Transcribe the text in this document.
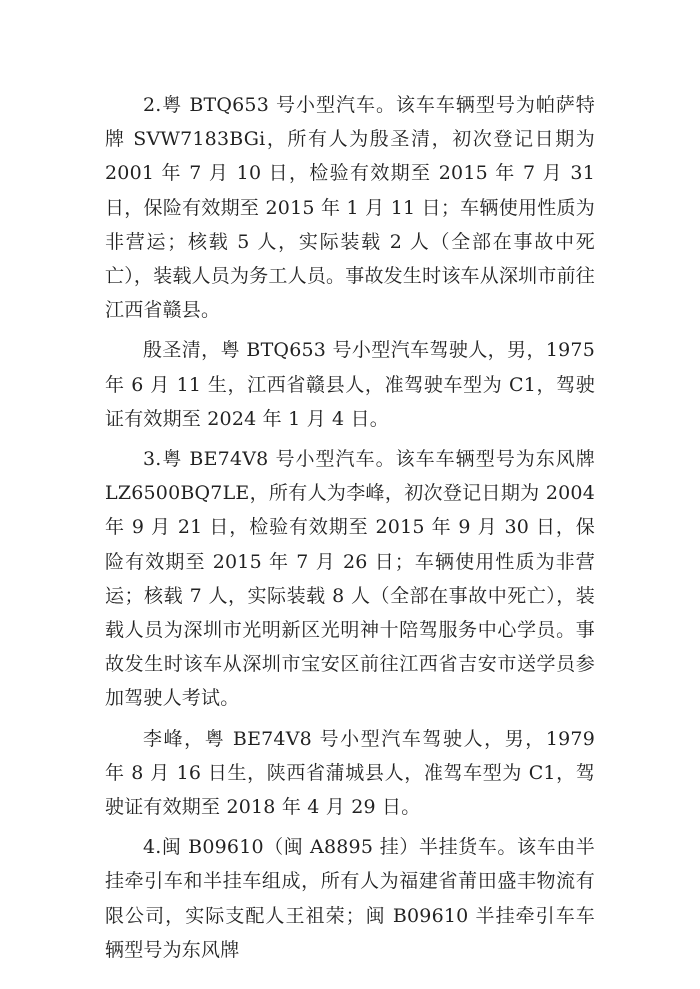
2.粤 BTQ653 号小型汽车。该车车辆型号为帕萨特牌 SVW7183BGi，所有人为殷圣清，初次登记日期为 2001 年 7 月 10 日，检验有效期至 2015 年 7 月 31 日，保险有效期至 2015 年 1 月 11 日；车辆使用性质为非营运；核载 5 人，实际装载 2 人（全部在事故中死亡），装载人员为务工人员。事故发生时该车从深圳市前往江西省赣县。

殷圣清，粤 BTQ653 号小型汽车驾驶人，男，1975 年 6 月 11 生，江西省赣县人，准驾驶车型为 C1，驾驶证有效期至 2024 年 1 月 4 日。

3.粤 BE74V8 号小型汽车。该车车辆型号为东风牌 LZ6500BQ7LE，所有人为李峰，初次登记日期为 2004 年 9 月 21 日，检验有效期至 2015 年 9 月 30 日，保险有效期至 2015 年 7 月 26 日；车辆使用性质为非营运；核载 7 人，实际装载 8 人（全部在事故中死亡），装载人员为深圳市光明新区光明神十陪驾服务中心学员。事故发生时该车从深圳市宝安区前往江西省吉安市送学员参加驾驶人考试。

李峰，粤 BE74V8 号小型汽车驾驶人，男，1979 年 8 月 16 日生，陕西省蒲城县人，准驾车型为 C1，驾驶证有效期至 2018 年 4 月 29 日。

4.闽 B09610（闽 A8895 挂）半挂货车。该车由半挂牵引车和半挂车组成，所有人为福建省莆田盛丰物流有限公司，实际支配人王祖荣；闽 B09610 半挂牵引车车辆型号为东风牌
